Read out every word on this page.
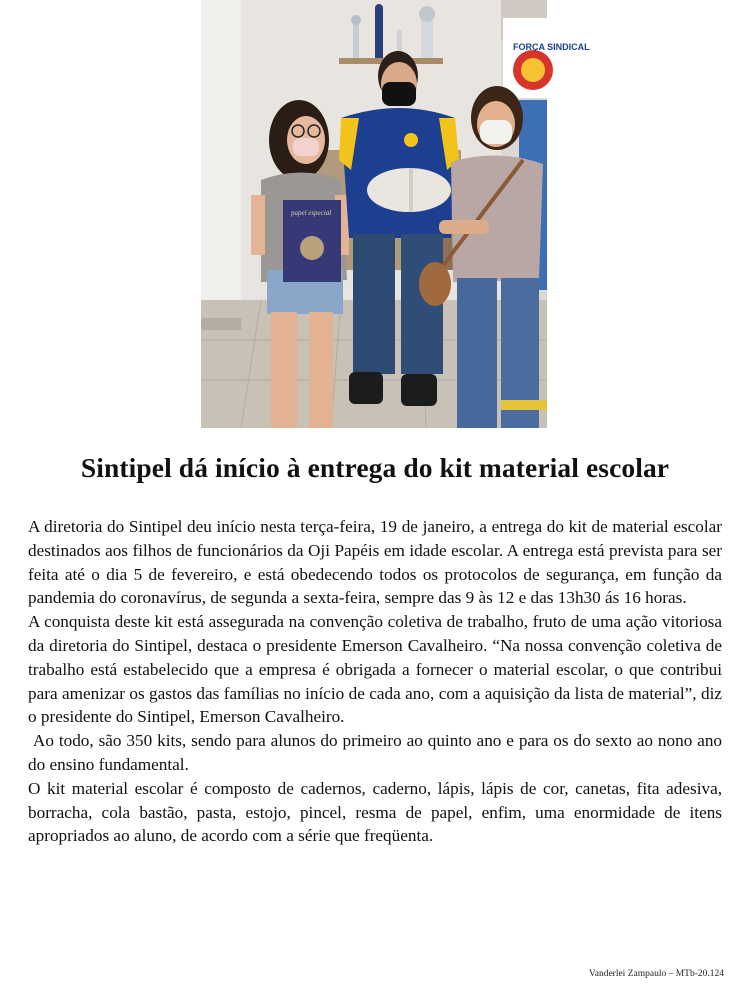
FORÇA SINDICAL
papel especial
Sintipel dá início à entrega do kit material escolar

A diretoria do Sintipel deu início nesta terça-feira, 19 de janeiro, a entrega do kit de material escolar destinados aos filhos de funcionários da Oji Papéis em idade escolar. A entrega está prevista para ser feita até o dia 5 de fevereiro, e está obedecendo todos os protocolos de segurança, em função da pandemia do coronavírus, de segunda a sexta-feira, sempre das 9 às 12 e das 13h30 ás 16 horas.

A conquista deste kit está assegurada na convenção coletiva de trabalho, fruto de uma ação vitoriosa da diretoria do Sintipel, destaca o presidente Emerson Cavalheiro. “Na nossa convenção coletiva de trabalho está estabelecido que a empresa é obrigada a fornecer o material escolar, o que contribui para amenizar os gastos das famílias no início de cada ano, com a aquisição da lista de material”, diz o presidente do Sintipel, Emerson Cavalheiro.

Ao todo, são 350 kits, sendo para alunos do primeiro ao quinto ano e para os do sexto ao nono ano do ensino fundamental.

O kit material escolar é composto de cadernos, caderno, lápis, lápis de cor, canetas, fita adesiva, borracha, cola bastão, pasta, estojo, pincel, resma de papel, enfim, uma enormidade de itens apropriados ao aluno, de acordo com a série que freqüenta.

Vanderlei Zampaulo – MTb-20.124
